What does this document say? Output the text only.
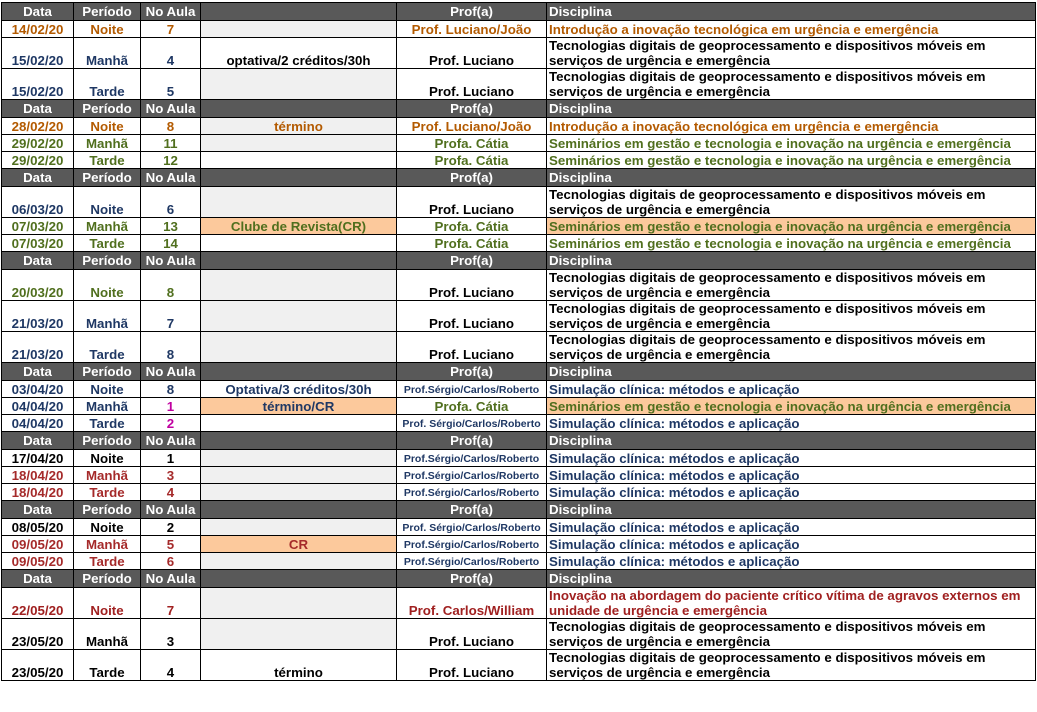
Data	Período	No Aula		Prof(a)	Disciplina
14/02/20	Noite	7		Prof. Luciano/João	Introdução a inovação tecnológica em urgência e emergência
15/02/20	Manhã	4	optativa/2 créditos/30h	Prof. Luciano	Tecnologias digitais de geoprocessamento e dispositivos móveis em serviços de urgência e emergência
15/02/20	Tarde	5		Prof. Luciano	Tecnologias digitais de geoprocessamento e dispositivos móveis em serviços de urgência e emergência
Data	Período	No Aula		Prof(a)	Disciplina
28/02/20	Noite	8	término	Prof. Luciano/João	Introdução a inovação tecnológica em urgência e emergência
29/02/20	Manhã	11		Profa. Cátia	Seminários em gestão e tecnologia e inovação na urgência e emergência
29/02/20	Tarde	12		Profa. Cátia	Seminários em gestão e tecnologia e inovação na urgência e emergência
Data	Período	No Aula		Prof(a)	Disciplina
06/03/20	Noite	6		Prof. Luciano	Tecnologias digitais de geoprocessamento e dispositivos móveis em serviços de urgência e emergência
07/03/20	Manhã	13	Clube de Revista(CR)	Profa. Cátia	Seminários em gestão e tecnologia e inovação na urgência e emergência
07/03/20	Tarde	14		Profa. Cátia	Seminários em gestão e tecnologia e inovação na urgência e emergência
Data	Período	No Aula		Prof(a)	Disciplina
20/03/20	Noite	8		Prof. Luciano	Tecnologias digitais de geoprocessamento e dispositivos móveis em serviços de urgência e emergência
21/03/20	Manhã	7		Prof. Luciano	Tecnologias digitais de geoprocessamento e dispositivos móveis em serviços de urgência e emergência
21/03/20	Tarde	8		Prof. Luciano	Tecnologias digitais de geoprocessamento e dispositivos móveis em serviços de urgência e emergência
Data	Período	No Aula		Prof(a)	Disciplina
03/04/20	Noite	8	Optativa/3 créditos/30h	Prof.Sérgio/Carlos/Roberto	Simulação clínica: métodos e aplicação
04/04/20	Manhã	1	término/CR	Profa. Cátia	Seminários em gestão e tecnologia e inovação na urgência e emergência
04/04/20	Tarde	2		Prof. Sérgio/Carlos/Roberto	Simulação clínica: métodos e aplicação
Data	Período	No Aula		Prof(a)	Disciplina
17/04/20	Noite	1		Prof.Sérgio/Carlos/Roberto	Simulação clínica: métodos e aplicação
18/04/20	Manhã	3		Prof.Sérgio/Carlos/Roberto	Simulação clínica: métodos e aplicação
18/04/20	Tarde	4		Prof.Sérgio/Carlos/Roberto	Simulação clínica: métodos e aplicação
Data	Período	No Aula		Prof(a)	Disciplina
08/05/20	Noite	2		Prof. Sérgio/Carlos/Roberto	Simulação clínica: métodos e aplicação
09/05/20	Manhã	5	CR	Prof.Sérgio/Carlos/Roberto	Simulação clínica: métodos e aplicação
09/05/20	Tarde	6		Prof.Sérgio/Carlos/Roberto	Simulação clínica: métodos e aplicação
Data	Período	No Aula		Prof(a)	Disciplina
22/05/20	Noite	7		Prof. Carlos/William	Inovação na abordagem do paciente crítico vítima de agravos externos em unidade de urgência e emergência
23/05/20	Manhã	3		Prof. Luciano	Tecnologias digitais de geoprocessamento e dispositivos móveis em serviços de urgência e emergência
23/05/20	Tarde	4	término	Prof. Luciano	Tecnologias digitais de geoprocessamento e dispositivos móveis em serviços de urgência e emergência
